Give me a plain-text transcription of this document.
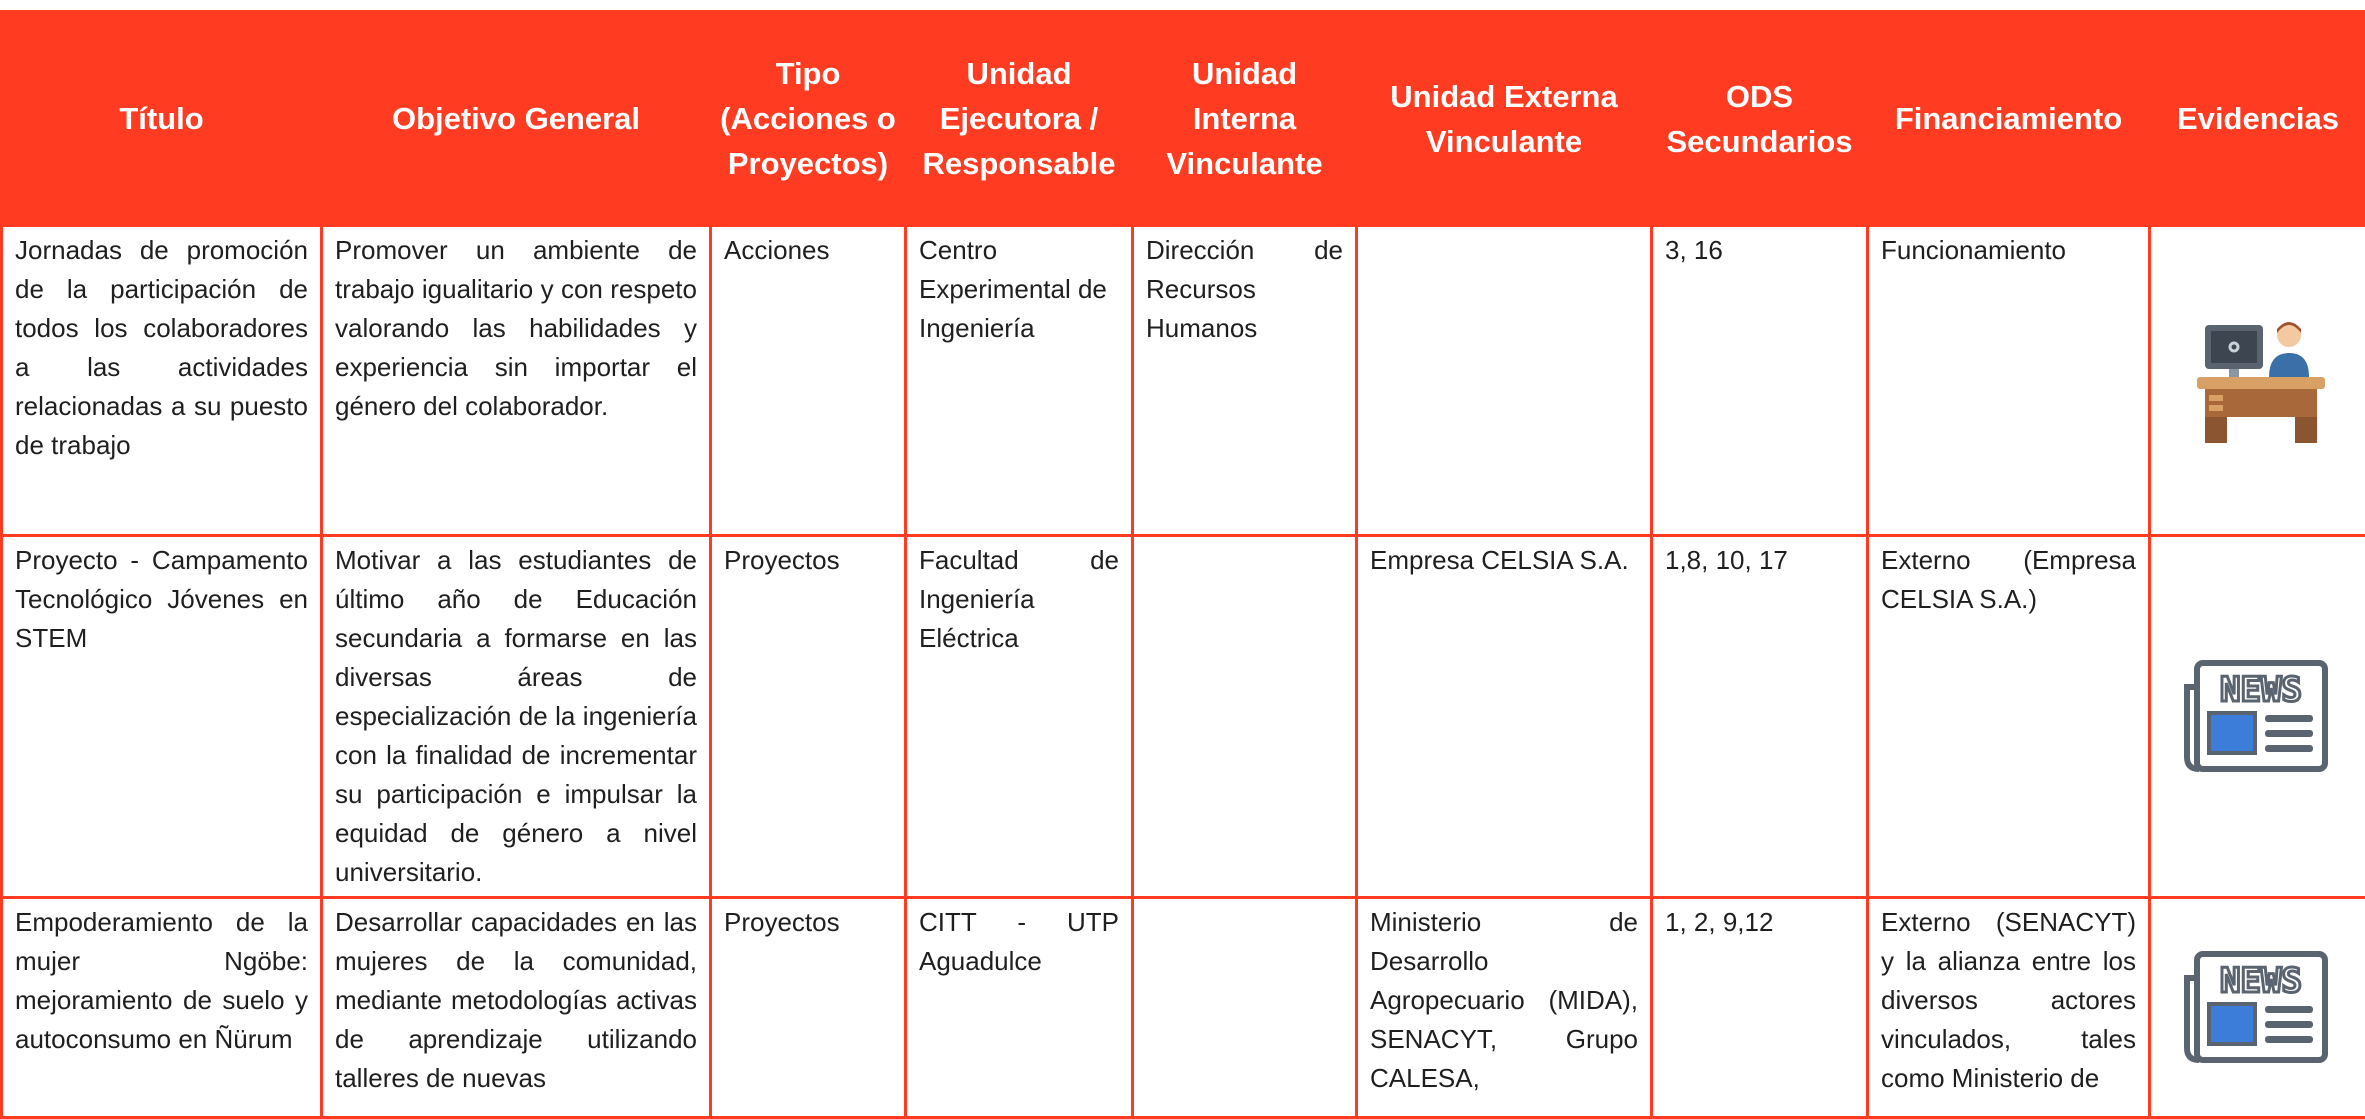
Título	Objetivo General	Tipo (Acciones o Proyectos)	Unidad Ejecutora / Responsable	Unidad Interna Vinculante	Unidad Externa Vinculante	ODS Secundarios	Financiamiento	Evidencias
Jornadas de promoción de la participación de todos los colaboradores a las actividades relacionadas a su puesto de trabajo	Promover un ambiente de trabajo igualitario y con respeto valorando las habilidades y experiencia sin importar el género del colaborador.	Acciones	Centro Experimental de Ingeniería	Dirección de Recursos Humanos		3, 16	Funcionamiento	

Proyecto - Campamento Tecnológico Jóvenes en STEM	Motivar a las estudiantes de último año de Educación secundaria a formarse en las diversas áreas de especialización de la ingeniería con la finalidad de incrementar su participación e impulsar la equidad de género a nivel universitario.	Proyectos	Facultad de Ingeniería Eléctrica		Empresa CELSIA S.A.	1,8, 10, 17	Externo (Empresa CELSIA S.A.)	NEWS

Empoderamiento de la mujer Ngöbe: mejoramiento de suelo y autoconsumo en Ñürum	Desarrollar capacidades en las mujeres de la comunidad, mediante metodologías activas de aprendizaje utilizando talleres de nuevas	Proyectos	CITT - UTP Aguadulce		Ministerio de Desarrollo Agropecuario (MIDA), SENACYT, Grupo CALESA,	1, 2, 9,12	Externo (SENACYT) y la alianza entre los diversos actores vinculados, tales como Ministerio de	NEWS
